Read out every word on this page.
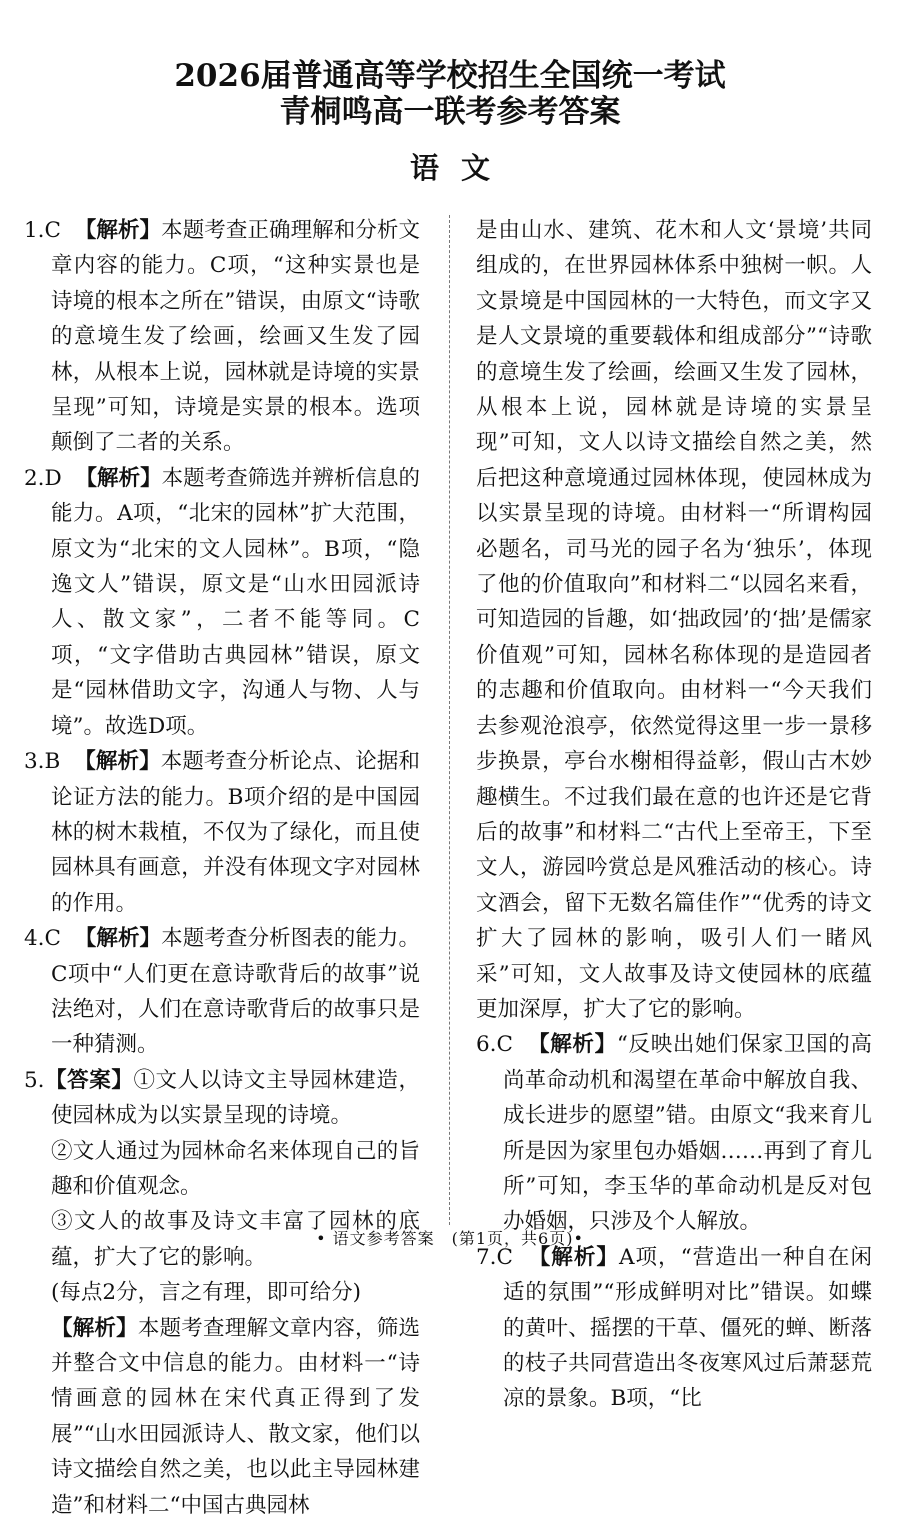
2026届普通高等学校招生全国统一考试
青桐鸣高一联考参考答案
语文

1.C 【解析】本题考查正确理解和分析文章内容的能力。C项，“这种实景也是诗境的根本之所在”错误，由原文“诗歌的意境生发了绘画，绘画又生发了园林，从根本上说，园林就是诗境的实景呈现”可知，诗境是实景的根本。选项颠倒了二者的关系。

2.D 【解析】本题考查筛选并辨析信息的能力。A项，“北宋的园林”扩大范围，原文为“北宋的文人园林”。B项，“隐逸文人”错误，原文是“山水田园派诗人、散文家”，二者不能等同。C项，“文字借助古典园林”错误，原文是“园林借助文字，沟通人与物、人与境”。故选D项。

3.B 【解析】本题考查分析论点、论据和论证方法的能力。B项介绍的是中国园林的树木栽植，不仅为了绿化，而且使园林具有画意，并没有体现文字对园林的作用。

4.C 【解析】本题考查分析图表的能力。C项中“人们更在意诗歌背后的故事”说法绝对，人们在意诗歌背后的故事只是一种猜测。

5.【答案】①文人以诗文主导园林建造，使园林成为以实景呈现的诗境。

②文人通过为园林命名来体现自己的旨趣和价值观念。

③文人的故事及诗文丰富了园林的底蕴，扩大了它的影响。

(每点2分，言之有理，即可给分)

【解析】本题考查理解文章内容，筛选并整合文中信息的能力。由材料一“诗情画意的园林在宋代真正得到了发展”“山水田园派诗人、散文家，他们以诗文描绘自然之美，也以此主导园林建造”和材料二“中国古典园林

是由山水、建筑、花木和人文‘景境’共同组成的，在世界园林体系中独树一帜。人文景境是中国园林的一大特色，而文字又是人文景境的重要载体和组成部分”“诗歌的意境生发了绘画，绘画又生发了园林，从根本上说，园林就是诗境的实景呈现”可知，文人以诗文描绘自然之美，然后把这种意境通过园林体现，使园林成为以实景呈现的诗境。由材料一“所谓构园必题名，司马光的园子名为‘独乐’，体现了他的价值取向”和材料二“以园名来看，可知造园的旨趣，如‘拙政园’的‘拙’是儒家价值观”可知，园林名称体现的是造园者的志趣和价值取向。由材料一“今天我们去参观沧浪亭，依然觉得这里一步一景移步换景，亭台水榭相得益彰，假山古木妙趣横生。不过我们最在意的也许还是它背后的故事”和材料二“古代上至帝王，下至文人，游园吟赏总是风雅活动的核心。诗文酒会，留下无数名篇佳作”“优秀的诗文扩大了园林的影响，吸引人们一睹风采”可知，文人故事及诗文使园林的底蕴更加深厚，扩大了它的影响。

6.C 【解析】“反映出她们保家卫国的高尚革命动机和渴望在革命中解放自我、成长进步的愿望”错。由原文“我来育儿所是因为家里包办婚姻……再到了育儿所”可知，李玉华的革命动机是反对包办婚姻，只涉及个人解放。

7.C 【解析】A项，“营造出一种自在闲适的氛围”“形成鲜明对比”错误。如蝶的黄叶、摇摆的干草、僵死的蝉、断落的枝子共同营造出冬夜寒风过后萧瑟荒凉的景象。B项，“比

• 语文参考答案　(第1页，共6页)•
